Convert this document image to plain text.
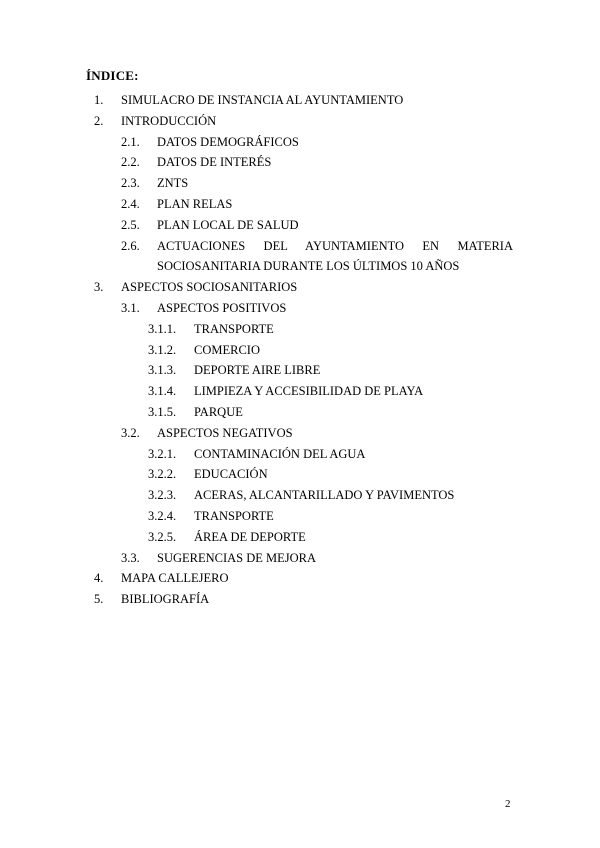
ÍNDICE:
1. SIMULACRO DE INSTANCIA AL AYUNTAMIENTO
2. INTRODUCCIÓN
2.1. DATOS DEMOGRÁFICOS
2.2. DATOS DE INTERÉS
2.3. ZNTS
2.4. PLAN RELAS
2.5. PLAN LOCAL DE SALUD
2.6. ACTUACIONES DEL AYUNTAMIENTO EN MATERIA
SOCIOSANITARIA DURANTE LOS ÚLTIMOS 10 AÑOS
3. ASPECTOS SOCIOSANITARIOS
3.1. ASPECTOS POSITIVOS
3.1.1. TRANSPORTE
3.1.2. COMERCIO
3.1.3. DEPORTE AIRE LIBRE
3.1.4. LIMPIEZA Y ACCESIBILIDAD DE PLAYA
3.1.5. PARQUE
3.2. ASPECTOS NEGATIVOS
3.2.1. CONTAMINACIÓN DEL AGUA
3.2.2. EDUCACIÓN
3.2.3. ACERAS, ALCANTARILLADO Y PAVIMENTOS
3.2.4. TRANSPORTE
3.2.5. ÁREA DE DEPORTE
3.3. SUGERENCIAS DE MEJORA
4. MAPA CALLEJERO
5. BIBLIOGRAFÍA
2
